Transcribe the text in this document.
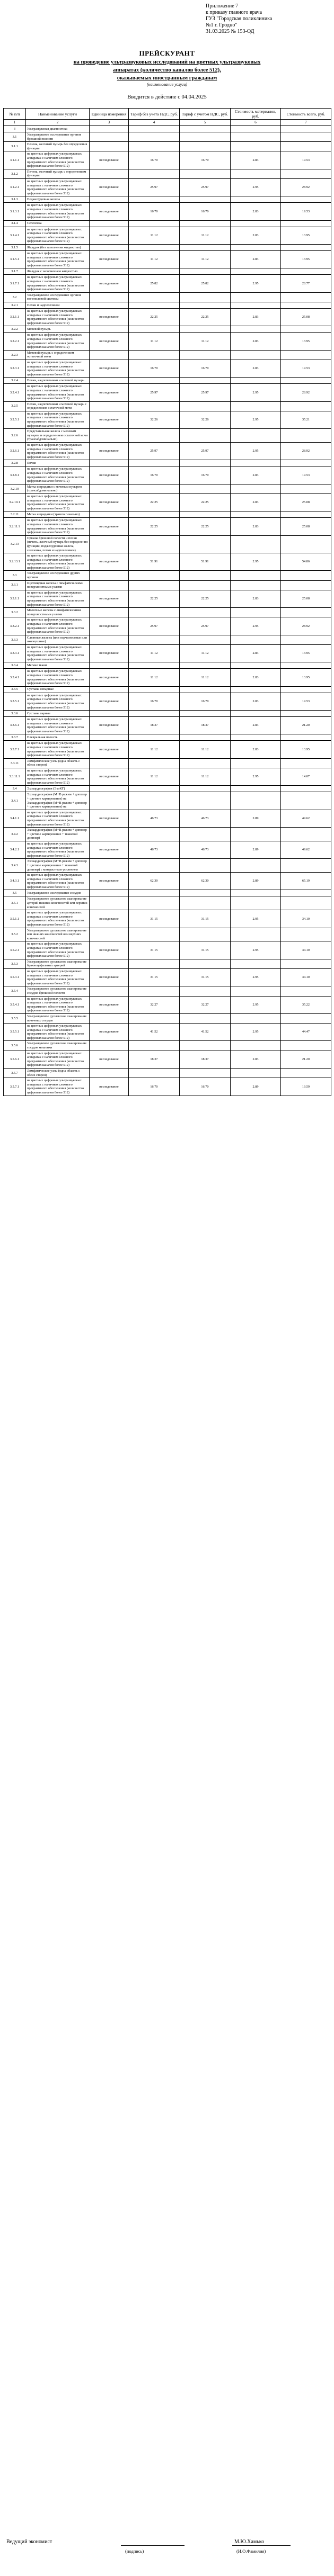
Приложение 7
к приказу главного врача
ГУЗ "Городская поликлиника
№1 г. Гродно"
31.03.2025 № 153-ОД
ПРЕЙСКУРАНТ
на проведение ультразвуковых исследований на цветных ультразвуковых
аппаратах (количество каналов более 512),
оказываемых иностранным гражданам
(наименование услуги)
Вводится в действие с 04.04.2025
№ п/п	Наименование услуги	Единица измерения	Тариф без учета НДС, руб.	Тариф с учетом НДС, руб.	Стоимость материалов, руб.	Стоимость всего, руб.
1	2	3	4	5	6	7
3	Ультразвуковая диагностика					
3.1	Ультразвуковое исследование органов брюшной полости					
3.1.1	Печень, желчный пузырь без определения функции					
3.1.1.1	на цветных цифровых ультразвуковых аппаратах с наличием сложного программного обеспечения (количество цифровых каналов более 512)	исследование	16.70	16.70	2.83	19.53
3.1.2	Печень, желчный пузырь с определением функции					
3.1.2.1	на цветных цифровых ультразвуковых аппаратах с наличием сложного программного обеспечения (количество цифровых каналов более 512)	исследование	25.97	25.97	2.95	28.92
3.1.3	Поджелудочная железа					
3.1.3.1	на цветных цифровых ультразвуковых аппаратах с наличием сложного программного обеспечения (количество цифровых каналов более 512)	исследование	16.70	16.70	2.83	19.53
3.1.4	Селезенка					
3.1.4.1	на цветных цифровых ультразвуковых аппаратах с наличием сложного программного обеспечения (количество цифровых каналов более 512)	исследование	11.12	11.12	2.83	13.95
3.1.5	Желудок (без заполнения жидкостью)					
3.1.5.1	на цветных цифровых ультразвуковых аппаратах с наличием сложного программного обеспечения (количество цифровых каналов более 512)	исследование	11.12	11.12	2.83	13.95
3.1.7	Желудок с заполнением жидкостью					
3.1.7.1	на цветных цифровых ультразвуковых аппаратах с наличием сложного программного обеспечения (количество цифровых каналов более 512)	исследование	25.82	25.82	2.95	28.77
3.2	Ультразвуковое исследование органов мочеполовой системы					
3.2.1	Почки и надпочечники					
3.2.1.1	на цветных цифровых ультразвуковых аппаратах с наличием сложного программного обеспечения (количество цифровых каналов более 512)	исследование	22.25	22.25	2.83	25.08
3.2.2	Мочевой пузырь					
3.2.2.1	на цветных цифровых ультразвуковых аппаратах с наличием сложного программного обеспечения (количество цифровых каналов более 512)	исследование	11.12	11.12	2.83	13.95
3.2.3	Мочевой пузырь с определением остаточной мочи					
3.2.3.1	на цветных цифровых ультразвуковых аппаратах с наличием сложного программного обеспечения (количество цифровых каналов более 512)	исследование	16.70	16.70	2.83	19.53
3.2.4	Почки, надпочечники и мочевой пузырь					
3.2.4.1	на цветных цифровых ультразвуковых аппаратах с наличием сложного программного обеспечения (количество цифровых каналов более 512)	исследование	25.97	25.97	2.95	28.92
3.2.5	Почки, надпочечники и мочевой пузырь с определением остаточной мочи					
3.2.5.1	на цветных цифровых ультразвуковых аппаратах с наличием сложного программного обеспечения (количество цифровых каналов более 512)	исследование	32.26	32.26	2.95	35.21
3.2.6	Предстательная железа с мочевым пузырем и определением остаточной мочи (трансабдоминально)					
3.2.6.1	на цветных цифровых ультразвуковых аппаратах с наличием сложного программного обеспечения (количество цифровых каналов более 512)	исследование	25.97	25.97	2.95	28.92
3.2.8	Яички					
3.2.8.1	на цветных цифровых ультразвуковых аппаратах с наличием сложного программного обеспечения (количество цифровых каналов более 512)	исследование	16.70	16.70	2.83	19.53
3.2.10	Матка и придатки с мочевым пузырем (трансабдоминально)					
3.2.10.1	на цветных цифровых ультразвуковых аппаратах с наличием сложного программного обеспечения (количество цифровых каналов более 512)	исследование	22.25	22.25	2.83	25.08
3.2.11	Матка и придатки (трансвагинально)					
3.2.11.1	на цветных цифровых ультразвуковых аппаратах с наличием сложного программного обеспечения (количество цифровых каналов более 512)	исследование	22.25	22.25	2.83	25.08
3.2.13	Органы брюшной полости и почки (печень, желчный пузырь без определения функции, поджелудочная железа, селезенка, почки и надпочечники)					
3.2.13.1	на цветных цифровых ультразвуковых аппаратах с наличием сложного программного обеспечения (количество цифровых каналов более 512)	исследование	51.91	51.91	2.95	54.86
3.3	Ультразвуковое исследование других органов					
3.3.1	Щитовидная железа с лимфатическими поверхностными узлами					
3.3.1.1	на цветных цифровых ультразвуковых аппаратах с наличием сложного программного обеспечения (количество цифровых каналов более 512)	исследование	22.25	22.25	2.83	25.08
3.3.2	Молочные железы с лимфатическими поверхностными узлами					
3.3.2.1	на цветных цифровых ультразвуковых аппаратах с наличием сложного программного обеспечения (количество цифровых каналов более 512)	исследование	25.97	25.97	2.95	28.92
3.3.3	Слюнные железы (или подчелюстные или околоушные)					
3.3.3.1	на цветных цифровых ультразвуковых аппаратах с наличием сложного программного обеспечения (количество цифровых каналов более 512)	исследование	11.12	11.12	2.83	13.95
3.3.4	Мягкие ткани					
3.3.4.1	на цветных цифровых ультразвуковых аппаратах с наличием сложного программного обеспечения (количество цифровых каналов более 512)	исследование	11.12	11.12	2.83	13.95
3.3.5	Суставы непарные					
3.3.5.1	на цветных цифровых ультразвуковых аппаратах с наличием сложного программного обеспечения (количество цифровых каналов более 512)	исследование	16.70	16.70	2.83	19.53
3.3.6	Суставы парные					
3.3.6.1	на цветных цифровых ультразвуковых аппаратах с наличием сложного программного обеспечения (количество цифровых каналов более 512)	исследование	18.37	18.37	2.83	21.20
3.3.7	Плевральная полость					
3.3.7.1	на цветных цифровых ультразвуковых аппаратах с наличием сложного программного обеспечения (количество цифровых каналов более 512)	исследование	11.12	11.12	2.83	13.95
3.3.11	Лимфатические узлы (одна область с обеих сторон)					
3.3.11.1	на цветных цифровых ультразвуковых аппаратах с наличием сложного программного обеспечения (количество цифровых каналов более 512)	исследование	11.12	11.12	2.95	14.07
3.4	Эхокардиография (ЭхоКГ)					
3.4.1	Эхокардиография (М+В режим + допплер + цветное картирование) на Эхокардиография (М+В режим + допплер + цветное картирование) на					
3.4.1.1	на цветных цифровых ультразвуковых аппаратах с наличием сложного программного обеспечения (количество цифровых каналов более 512)	исследование	46.73	46.73	2.89	49.62
3.4.2	Эхокардиография (М+В режим + допплер + цветное картирование + тканевой допплер)					
3.4.2.1	на цветных цифровых ультразвуковых аппаратах с наличием сложного программного обеспечения (количество цифровых каналов более 512)	исследование	46.73	46.73	2.89	49.62
3.4.3	Эхокардиография (М+В режим + допплер + цветное картирование + тканевой допплер) с контрастным усилением					
3.4.3.1	на цветных цифровых ультразвуковых аппаратах с наличием сложного программного обеспечения (количество цифровых каналов более 512)	исследование	62.30	62.30	2.89	65.19
3.5	Ультразвуковое исследование сосудов					
3.5.1	Ультразвуковое дуплексное сканирование артерий нижних конечностей или верхних конечностей					
3.5.1.1	на цветных цифровых ультразвуковых аппаратах с наличием сложного программного обеспечения (количество цифровых каналов более 512)	исследование	31.15	31.15	2.95	34.10
3.5.2	Ультразвуковое дуплексное сканирование вен нижних конечностей или верхних конечностей					
3.5.2.1	на цветных цифровых ультразвуковых аппаратах с наличием сложного программного обеспечения (количество цифровых каналов более 512)	исследование	31.15	31.15	2.95	34.10
3.5.3	Ультразвуковое дуплексное сканирование брахиоцефальных артерий					
3.5.3.1	на цветных цифровых ультразвуковых аппаратах с наличием сложного программного обеспечения (количество цифровых каналов более 512)	исследование	31.15	31.15	2.95	34.10
3.5.4	Ультразвуковое дуплексное сканирование сосудов брюшной полости					
3.5.4.1	на цветных цифровых ультразвуковых аппаратах с наличием сложного программного обеспечения (количество цифровых каналов более 512)	исследование	32.27	32.27	2.95	35.22
3.5.5	Ультразвуковое дуплексное сканирование почечных сосудов					
3.5.5.1	на цветных цифровых ультразвуковых аппаратах с наличием сложного программного обеспечения (количество цифровых каналов более 512)	исследование	41.52	41.52	2.95	44.47
3.5.6	Ультразвуковое дуплексное сканирование сосудов мошонки					
3.5.6.1	на цветных цифровых ультразвуковых аппаратах с наличием сложного программного обеспечения (количество цифровых каналов более 512)	исследование	18.37	18.37	2.83	21.20
3.5.7	Лимфатические узлы (одна область с обеих сторон)					
3.5.7.1	на цветных цифровых ультразвуковых аппаратах с наличием сложного программного обеспечения (количество цифровых каналов более 512)	исследование	16.70	16.70	2.89	19.59
Ведущий экономист
(подпись)
М.Ю.Хамько
(И.О.Фамилия)
